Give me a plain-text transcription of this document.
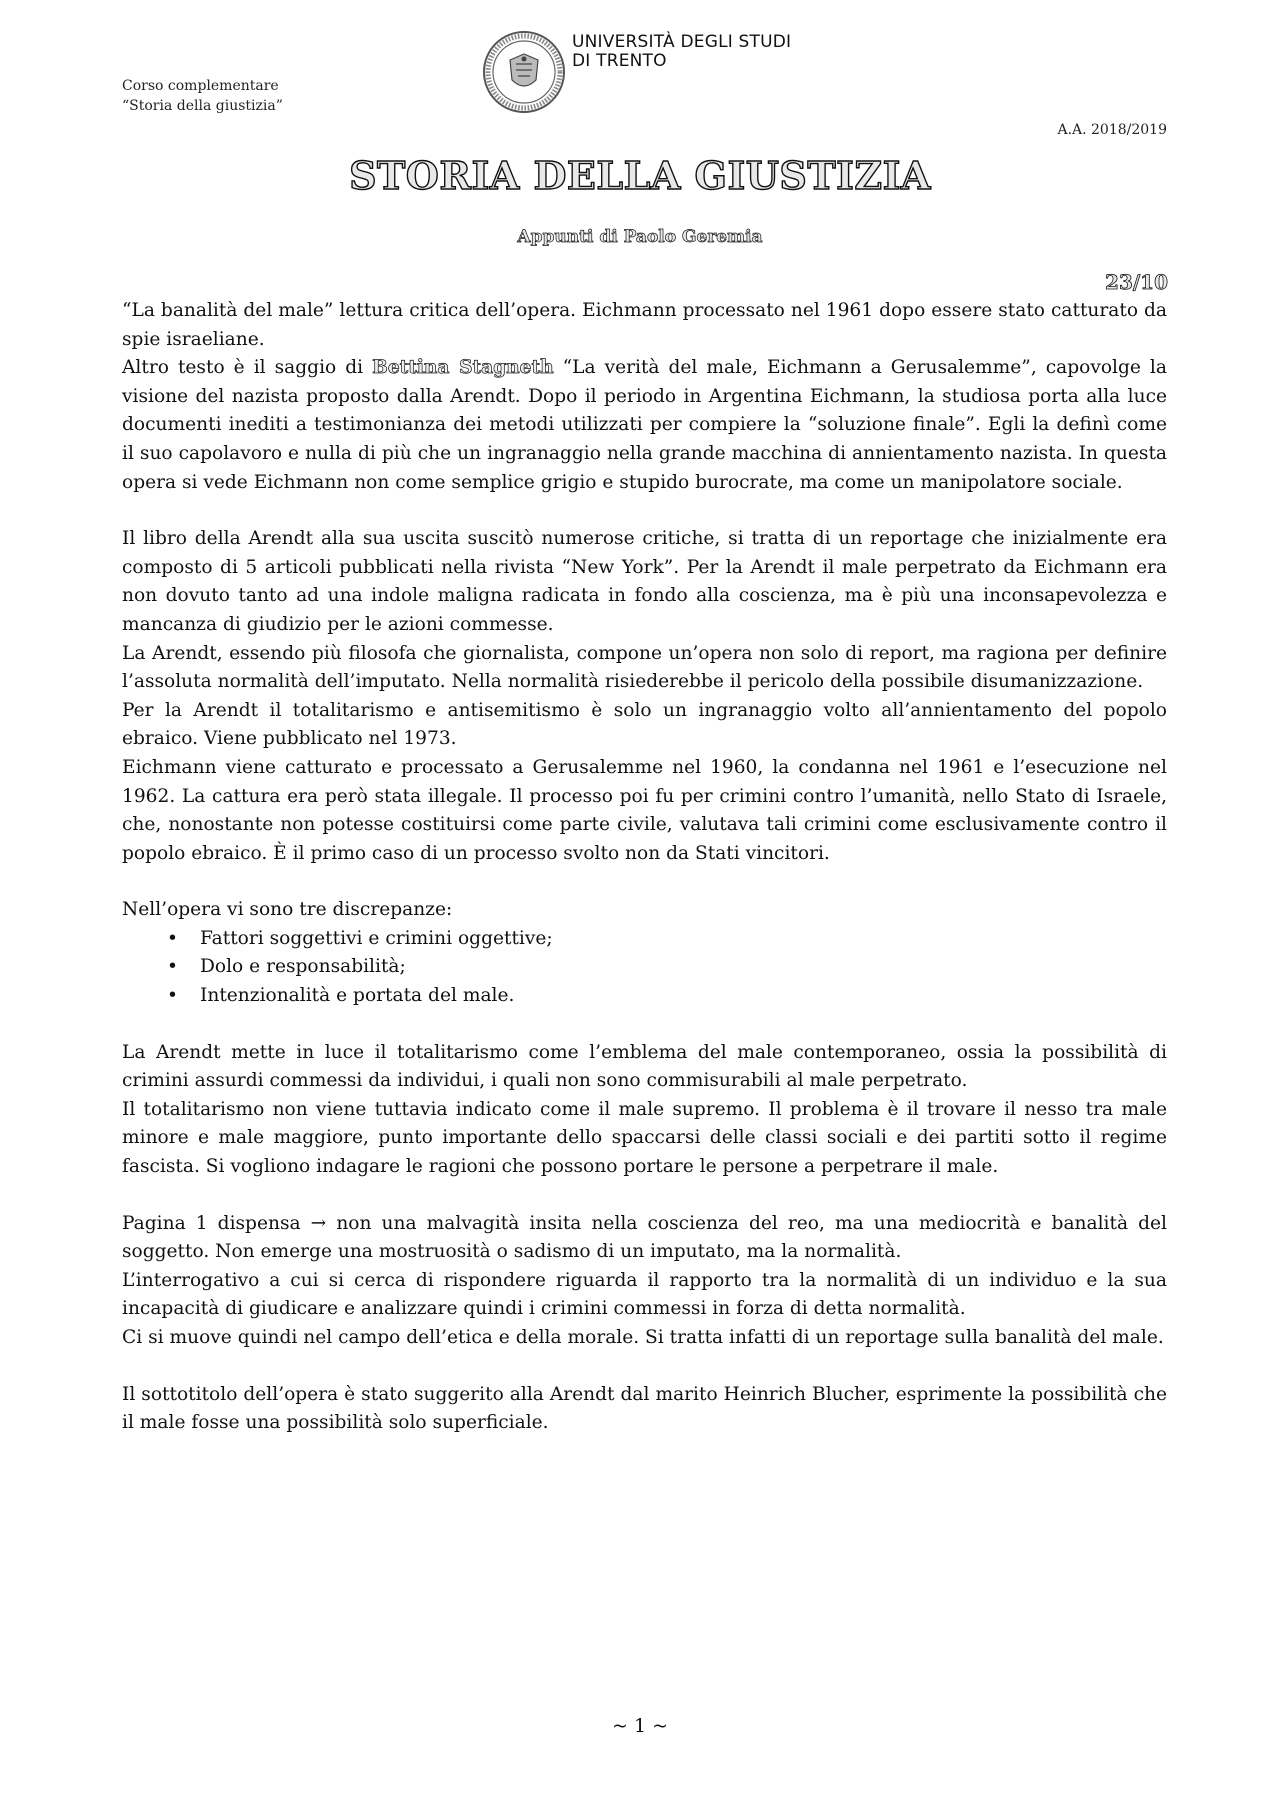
Corso complementare
“Storia della giustizia”
UNIVERSITÀ DEGLI STUDI
DI TRENTO
A.A. 2018/2019
STORIA DELLA GIUSTIZIA
Appunti di Paolo Geremia
23/10

“La banalità del male” lettura critica dell’opera. Eichmann processato nel 1961 dopo essere stato catturato da spie israeliane.

Altro testo è il saggio di Bettina Stagneth “La verità del male, Eichmann a Gerusalemme”, capovolge la visione del nazista proposto dalla Arendt. Dopo il periodo in Argentina Eichmann, la studiosa porta alla luce documenti inediti a testimonianza dei metodi utilizzati per compiere la “soluzione finale”. Egli la definì come il suo capolavoro e nulla di più che un ingranaggio nella grande macchina di annientamento nazista. In questa opera si vede Eichmann non come semplice grigio e stupido burocrate, ma come un manipolatore sociale.

Il libro della Arendt alla sua uscita suscitò numerose critiche, si tratta di un reportage che inizialmente era composto di 5 articoli pubblicati nella rivista “New York”. Per la Arendt il male perpetrato da Eichmann era non dovuto tanto ad una indole maligna radicata in fondo alla coscienza, ma è più una inconsapevolezza e mancanza di giudizio per le azioni commesse.

La Arendt, essendo più filosofa che giornalista, compone un’opera non solo di report, ma ragiona per definire l’assoluta normalità dell’imputato. Nella normalità risiederebbe il pericolo della possibile disumanizzazione.

Per la Arendt il totalitarismo e antisemitismo è solo un ingranaggio volto all’annientamento del popolo ebraico. Viene pubblicato nel 1973.

Eichmann viene catturato e processato a Gerusalemme nel 1960, la condanna nel 1961 e l’esecuzione nel 1962. La cattura era però stata illegale. Il processo poi fu per crimini contro l’umanità, nello Stato di Israele, che, nonostante non potesse costituirsi come parte civile, valutava tali crimini come esclusivamente contro il popolo ebraico. È il primo caso di un processo svolto non da Stati vincitori.

Nell’opera vi sono tre discrepanze:

• Fattori soggettivi e crimini oggettive;
• Dolo e responsabilità;
• Intenzionalità e portata del male.

La Arendt mette in luce il totalitarismo come l’emblema del male contemporaneo, ossia la possibilità di crimini assurdi commessi da individui, i quali non sono commisurabili al male perpetrato.

Il totalitarismo non viene tuttavia indicato come il male supremo. Il problema è il trovare il nesso tra male minore e male maggiore, punto importante dello spaccarsi delle classi sociali e dei partiti sotto il regime fascista. Si vogliono indagare le ragioni che possono portare le persone a perpetrare il male.

Pagina 1 dispensa → non una malvagità insita nella coscienza del reo, ma una mediocrità e banalità del soggetto. Non emerge una mostruosità o sadismo di un imputato, ma la normalità.

L’interrogativo a cui si cerca di rispondere riguarda il rapporto tra la normalità di un individuo e la sua incapacità di giudicare e analizzare quindi i crimini commessi in forza di detta normalità.

Ci si muove quindi nel campo dell’etica e della morale. Si tratta infatti di un reportage sulla banalità del male.

Il sottotitolo dell’opera è stato suggerito alla Arendt dal marito Heinrich Blucher, esprimente la possibilità che il male fosse una possibilità solo superficiale.

~ 1 ~
